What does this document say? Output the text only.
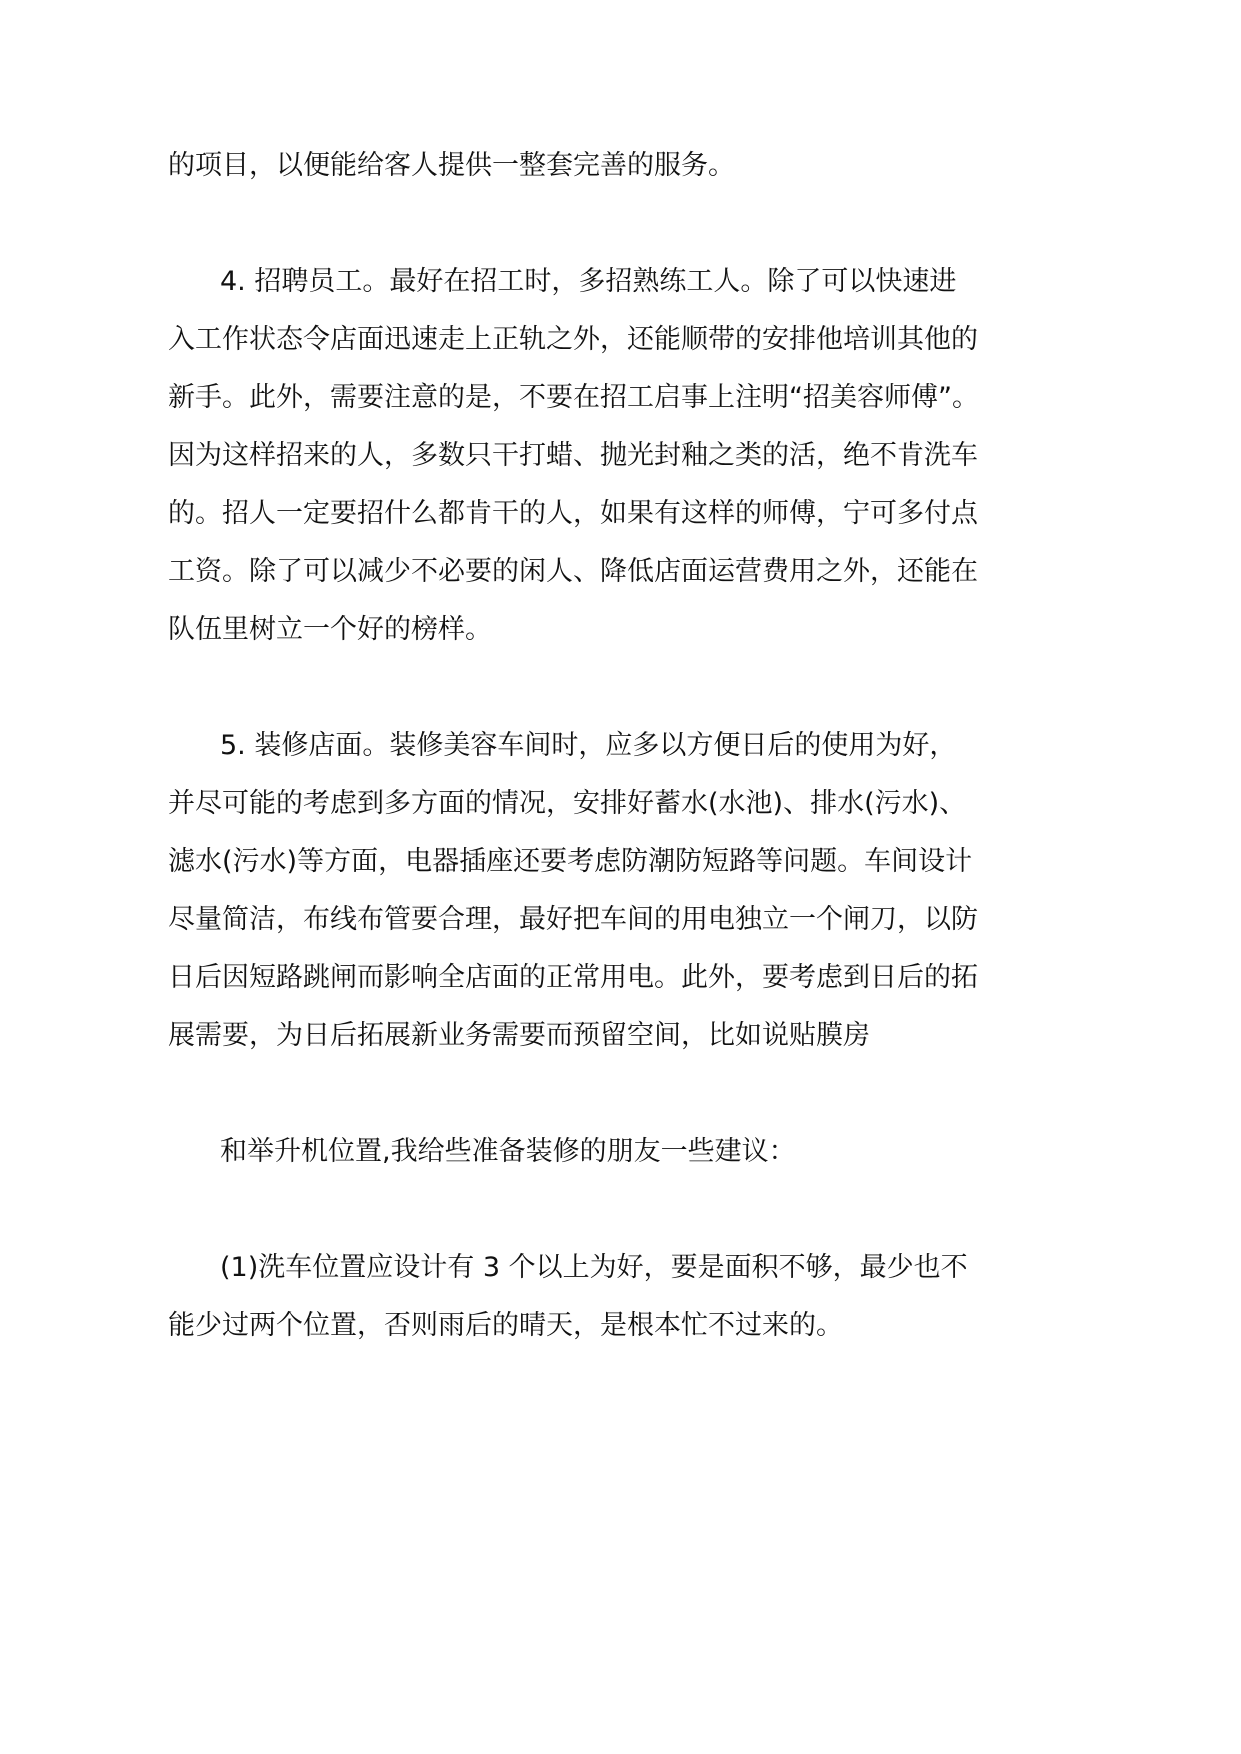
的项目，以便能给客人提供一整套完善的服务。
4. 招聘员工。最好在招工时，多招熟练工人。除了可以快速进
入工作状态令店面迅速走上正轨之外，还能顺带的安排他培训其他的
新手。此外，需要注意的是，不要在招工启事上注明“招美容师傅”。
因为这样招来的人，多数只干打蜡、抛光封釉之类的活，绝不肯洗车
的。招人一定要招什么都肯干的人，如果有这样的师傅，宁可多付点
工资。除了可以减少不必要的闲人、降低店面运营费用之外，还能在
队伍里树立一个好的榜样。
5. 装修店面。装修美容车间时，应多以方便日后的使用为好，
并尽可能的考虑到多方面的情况，安排好蓄水(水池)、排水(污水)、
滤水(污水)等方面，电器插座还要考虑防潮防短路等问题。车间设计
尽量简洁，布线布管要合理，最好把车间的用电独立一个闸刀，以防
日后因短路跳闸而影响全店面的正常用电。此外，要考虑到日后的拓
展需要，为日后拓展新业务需要而预留空间，比如说贴膜房
和举升机位置,我给些准备装修的朋友一些建议：
(1)洗车位置应设计有 3 个以上为好，要是面积不够，最少也不
能少过两个位置，否则雨后的晴天，是根本忙不过来的。
